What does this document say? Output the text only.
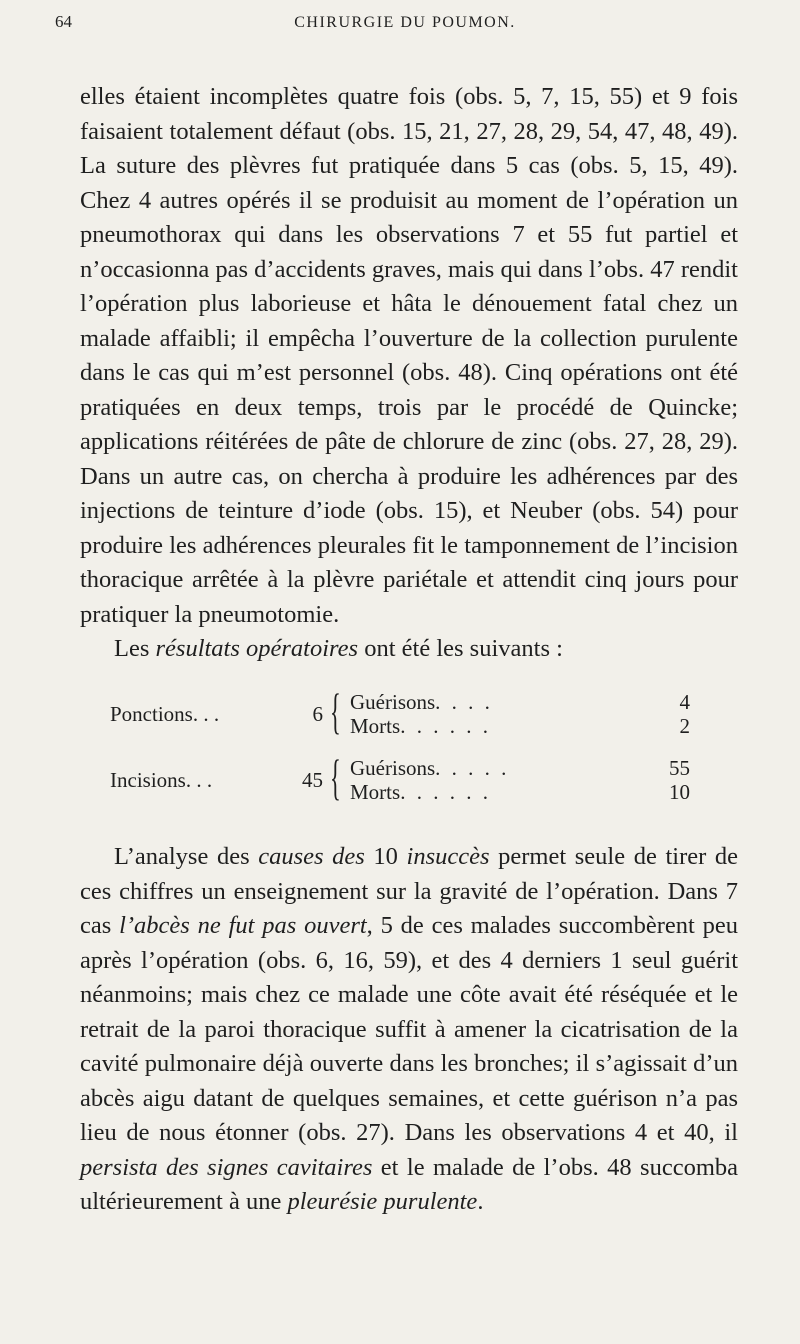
64	CHIRURGIE DU POUMON.

elles étaient incomplètes quatre fois (obs. 5, 7, 15, 55) et 9 fois faisaient totalement défaut (obs. 15, 21, 27, 28, 29, 54, 47, 48, 49). La suture des plèvres fut pratiquée dans 5 cas (obs. 5, 15, 49). Chez 4 autres opérés il se produisit au moment de l’opération un pneumothorax qui dans les observations 7 et 55 fut partiel et n’occasionna pas d’accidents graves, mais qui dans l’obs. 47 rendit l’opération plus laborieuse et hâta le dénouement fatal chez un malade affaibli; il empêcha l’ouverture de la collection purulente dans le cas qui m’est personnel (obs. 48). Cinq opérations ont été pratiquées en deux temps, trois par le procédé de Quincke; applications réitérées de pâte de chlorure de zinc (obs. 27, 28, 29). Dans un autre cas, on chercha à produire les adhérences par des injections de teinture d’iode (obs. 15), et Neuber (obs. 54) pour produire les adhérences pleurales fit le tamponnement de l’incision thoracique arrêtée à la plèvre pariétale et attendit cinq jours pour pratiquer la pneumotomie.

Les résultats opératoires ont été les suivants :

Ponctions. . .	6 { Guérisons. . . .	4
Morts. . . . . .	2
Incisions. . .	45 { Guérisons. . . . .	55
Morts. . . . . .	10

L’analyse des causes des 10 insuccès permet seule de tirer de ces chiffres un enseignement sur la gravité de l’opération. Dans 7 cas l’abcès ne fut pas ouvert, 5 de ces malades succombèrent peu après l’opération (obs. 6, 16, 59), et des 4 derniers 1 seul guérit néanmoins; mais chez ce malade une côte avait été réséquée et le retrait de la paroi thoracique suffit à amener la cicatrisation de la cavité pulmonaire déjà ouverte dans les bronches; il s’agissait d’un abcès aigu datant de quelques semaines, et cette guérison n’a pas lieu de nous étonner (obs. 27). Dans les observations 4 et 40, il persista des signes cavitaires et le malade de l’obs. 48 succomba ultérieurement à une pleurésie purulente.
